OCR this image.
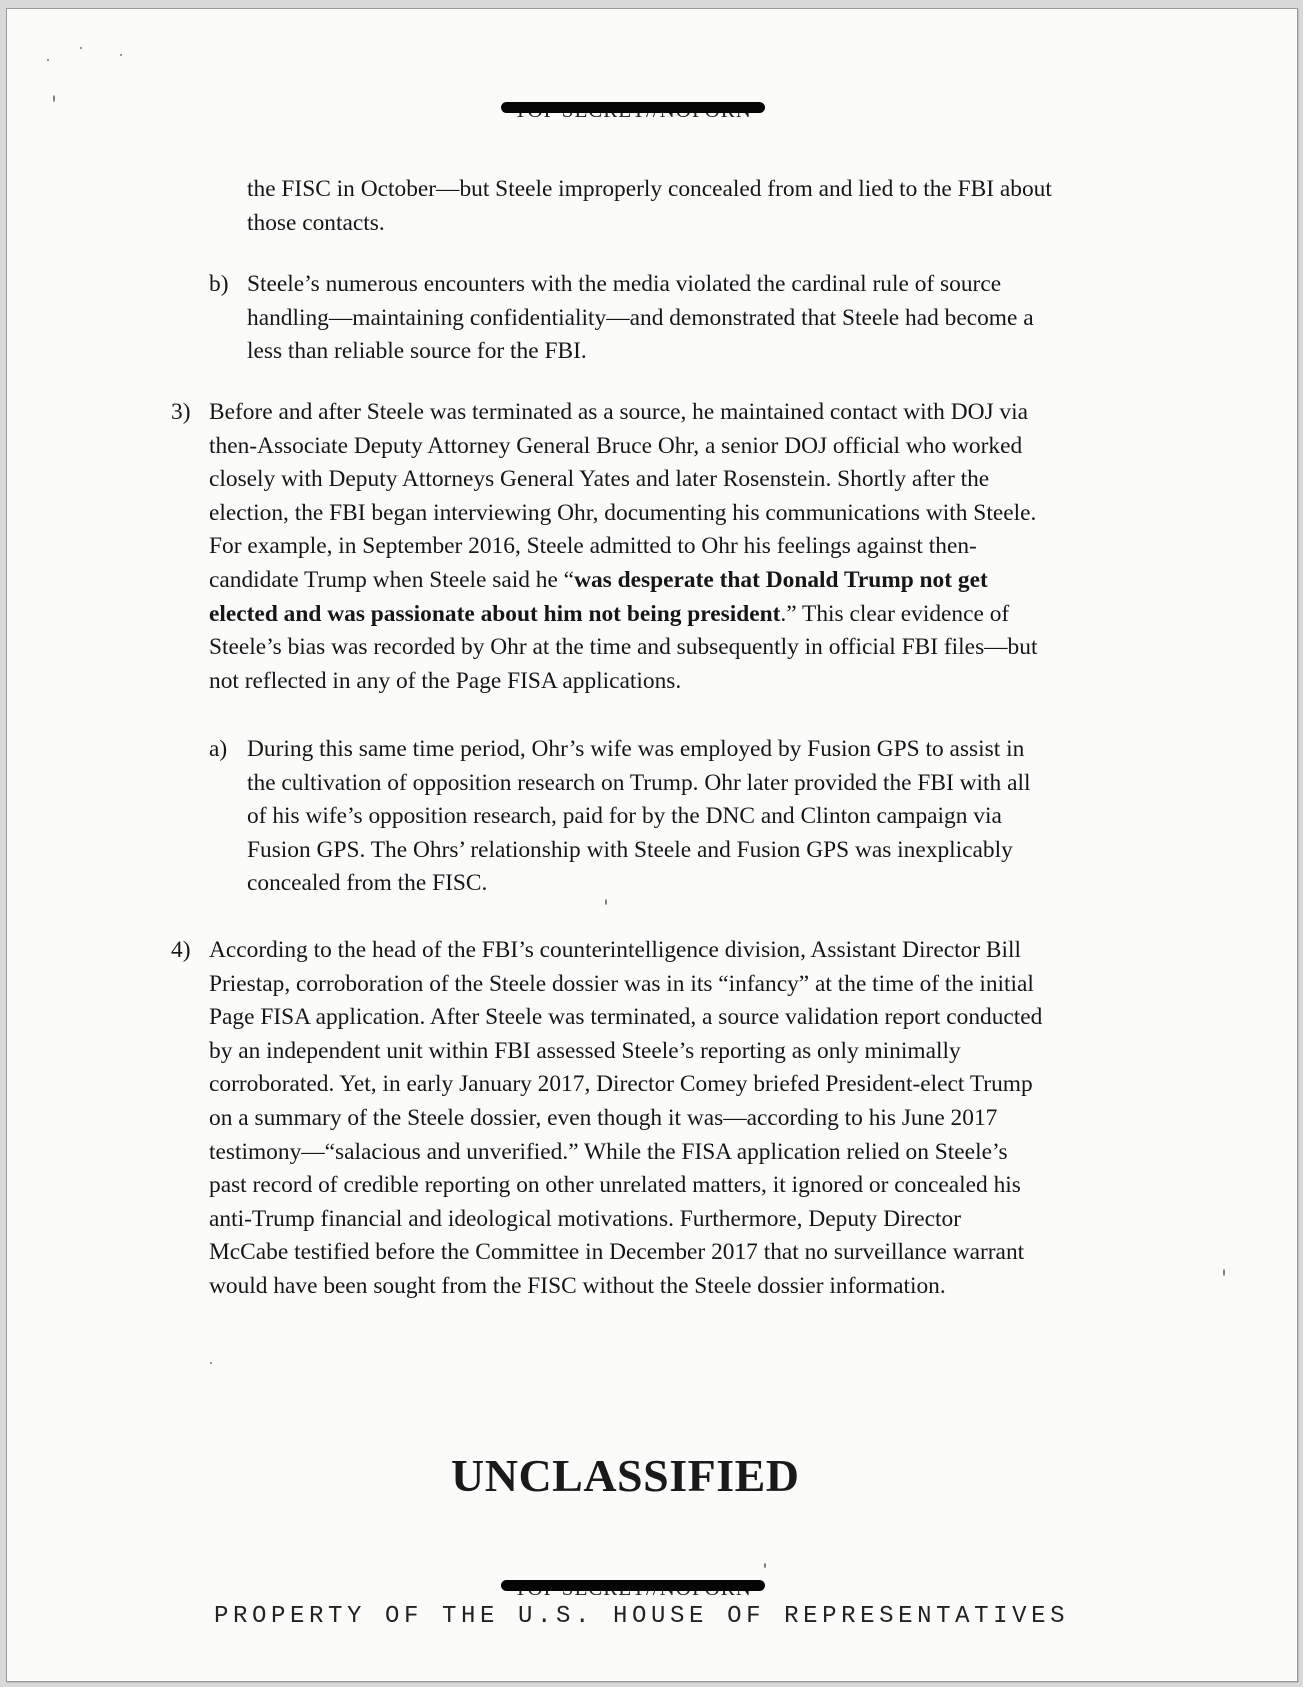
the FISC in October—but Steele improperly concealed from and lied to the FBI about
those contacts.
b) Steele’s numerous encounters with the media violated the cardinal rule of source
handling—maintaining confidentiality—and demonstrated that Steele had become a
less than reliable source for the FBI.
3) Before and after Steele was terminated as a source, he maintained contact with DOJ via
then-Associate Deputy Attorney General Bruce Ohr, a senior DOJ official who worked
closely with Deputy Attorneys General Yates and later Rosenstein. Shortly after the
election, the FBI began interviewing Ohr, documenting his communications with Steele.
For example, in September 2016, Steele admitted to Ohr his feelings against then-
candidate Trump when Steele said he “was desperate that Donald Trump not get
elected and was passionate about him not being president.” This clear evidence of
Steele’s bias was recorded by Ohr at the time and subsequently in official FBI files—but
not reflected in any of the Page FISA applications.
a) During this same time period, Ohr’s wife was employed by Fusion GPS to assist in
the cultivation of opposition research on Trump. Ohr later provided the FBI with all
of his wife’s opposition research, paid for by the DNC and Clinton campaign via
Fusion GPS. The Ohrs’ relationship with Steele and Fusion GPS was inexplicably
concealed from the FISC.
4) According to the head of the FBI’s counterintelligence division, Assistant Director Bill
Priestap, corroboration of the Steele dossier was in its “infancy” at the time of the initial
Page FISA application. After Steele was terminated, a source validation report conducted
by an independent unit within FBI assessed Steele’s reporting as only minimally
corroborated. Yet, in early January 2017, Director Comey briefed President-elect Trump
on a summary of the Steele dossier, even though it was—according to his June 2017
testimony—“salacious and unverified.” While the FISA application relied on Steele’s
past record of credible reporting on other unrelated matters, it ignored or concealed his
anti-Trump financial and ideological motivations. Furthermore, Deputy Director
McCabe testified before the Committee in December 2017 that no surveillance warrant
would have been sought from the FISC without the Steele dossier information.
UNCLASSIFIED
PROPERTY OF THE U.S. HOUSE OF REPRESENTATIVES
